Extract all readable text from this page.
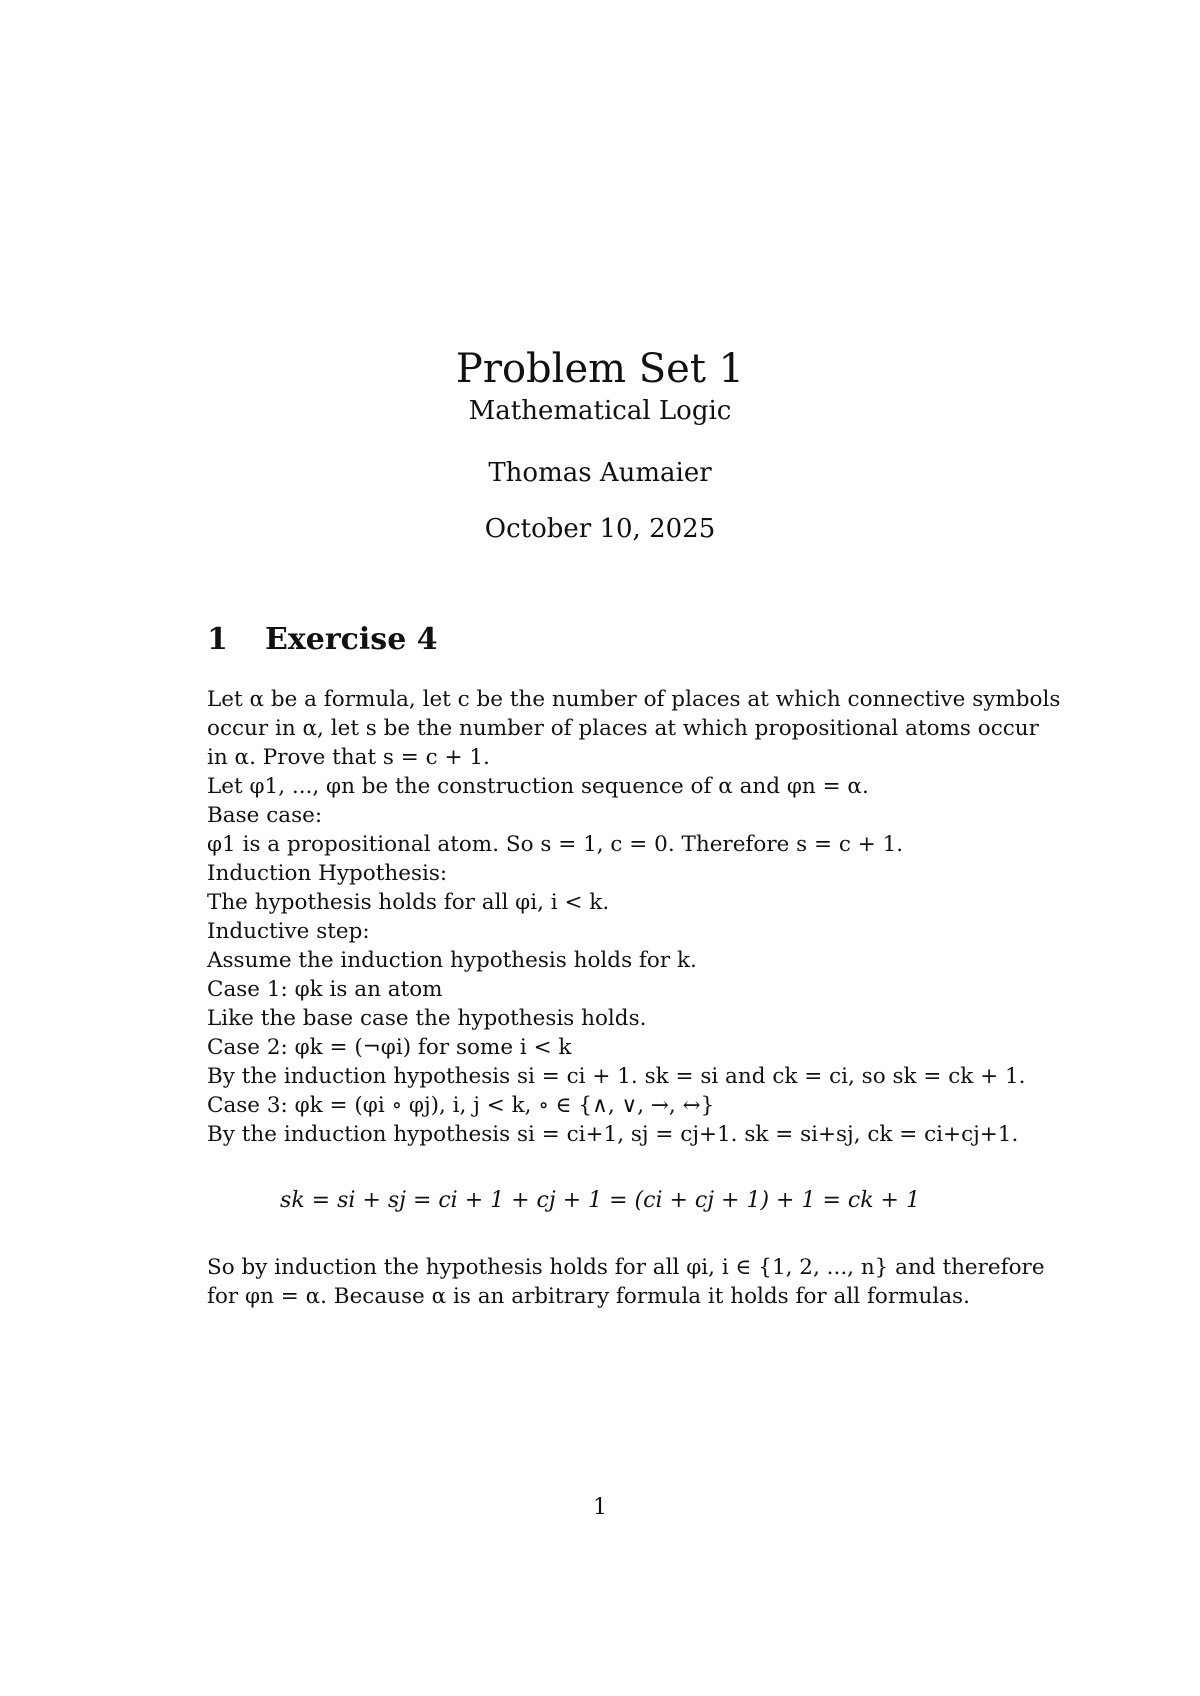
Problem Set 1
Mathematical Logic
Thomas Aumaier
October 10, 2025
1 Exercise 4
Let α be a formula, let c be the number of places at which connective symbols
occur in α, let s be the number of places at which propositional atoms occur
in α. Prove that s = c + 1.
Let φ1, ..., φn be the construction sequence of α and φn = α.
Base case:
φ1 is a propositional atom. So s = 1, c = 0. Therefore s = c + 1.
Induction Hypothesis:
The hypothesis holds for all φi, i < k.
Inductive step:
Assume the induction hypothesis holds for k.
Case 1: φk is an atom
Like the base case the hypothesis holds.
Case 2: φk = (¬φi) for some i < k
By the induction hypothesis si = ci + 1. sk = si and ck = ci, so sk = ck + 1.
Case 3: φk = (φi ∘ φj), i, j < k, ∘ ∈ {∧, ∨, →, ↔}
By the induction hypothesis si = ci+1, sj = cj+1. sk = si+sj, ck = ci+cj+1.
sk = si + sj = ci + 1 + cj + 1 = (ci + cj + 1) + 1 = ck + 1
So by induction the hypothesis holds for all φi, i ∈ {1, 2, ..., n} and therefore
for φn = α. Because α is an arbitrary formula it holds for all formulas.
1
